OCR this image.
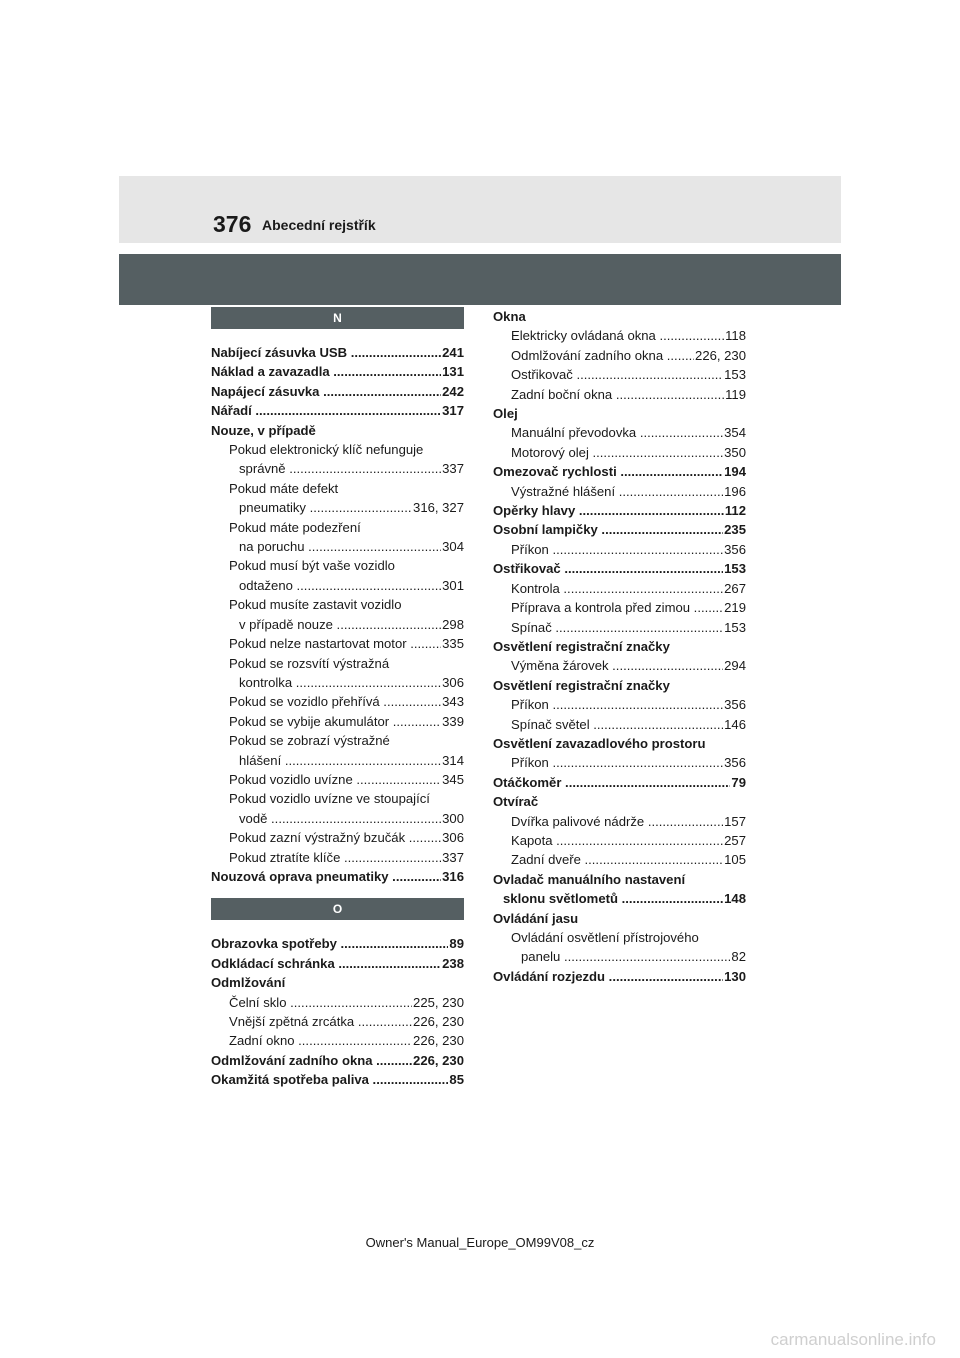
376 Abecední rejstřík
N
Nabíjecí zásuvka USB .....	241
Náklad a zavazadla .....	131
Napájecí zásuvka .....	242
Nářadí .....	317
Nouze, v případě
Pokud elektronický klíč nefunguje
správně .....	337
Pokud máte defekt
pneumatiky .....	316, 327
Pokud máte podezření
na poruchu .....	304
Pokud musí být vaše vozidlo
odtaženo .....	301
Pokud musíte zastavit vozidlo
v případě nouze .....	298
Pokud nelze nastartovat motor .....	335
Pokud se rozsvítí výstražná
kontrolka .....	306
Pokud se vozidlo přehřívá .....	343
Pokud se vybije akumulátor .....	339
Pokud se zobrazí výstražné
hlášení .....	314
Pokud vozidlo uvízne .....	345
Pokud vozidlo uvízne ve stoupající
vodě .....	300
Pokud zazní výstražný bzučák .....	306
Pokud ztratíte klíče .....	337
Nouzová oprava pneumatiky .....	316
O
Obrazovka spotřeby .....	89
Odkládací schránka .....	238
Odmlžování
Čelní sklo .....	225, 230
Vnější zpětná zrcátka .....	226, 230
Zadní okno .....	226, 230
Odmlžování zadního okna .....	226, 230
Okamžitá spotřeba paliva .....	85
Okna
Elektricky ovládaná okna .....	118
Odmlžování zadního okna .....	226, 230
Ostřikovač .....	153
Zadní boční okna .....	119
Olej
Manuální převodovka .....	354
Motorový olej .....	350
Omezovač rychlosti .....	194
Výstražné hlášení .....	196
Opěrky hlavy .....	112
Osobní lampičky .....	235
Příkon .....	356
Ostřikovač .....	153
Kontrola .....	267
Příprava a kontrola před zimou .....	219
Spínač .....	153
Osvětlení registrační značky
Výměna žárovek .....	294
Osvětlení registrační značky
Příkon .....	356
Spínač světel .....	146
Osvětlení zavazadlového prostoru
Příkon .....	356
Otáčkoměr .....	79
Otvírač
Dvířka palivové nádrže .....	157
Kapota .....	257
Zadní dveře .....	105
Ovladač manuálního nastavení
sklonu světlometů .....	148
Ovládání jasu
Ovládání osvětlení přístrojového
panelu .....	82
Ovládání rozjezdu .....	130
Owner's Manual_Europe_OM99V08_cz
carmanualsonline.info
